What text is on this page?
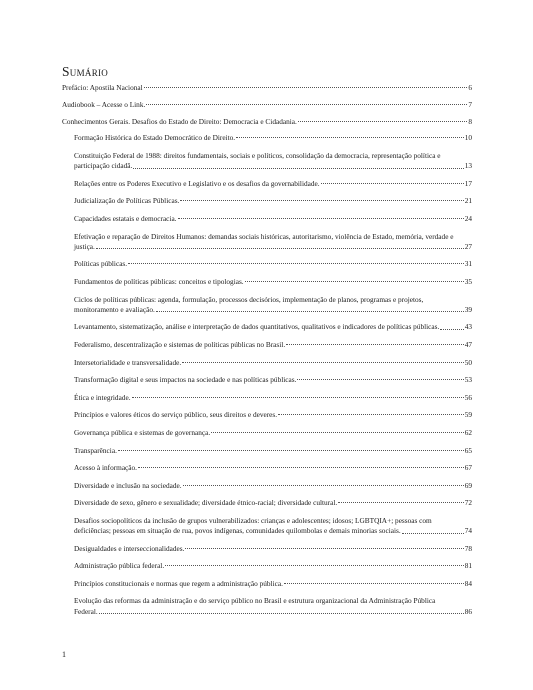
Sumário
Prefácio: Apostila Nacional	6
Audiobook – Acesse o Link.	7
Conhecimentos Gerais. Desafios do Estado de Direito: Democracia e Cidadania.	8
Formação Histórica do Estado Democrático de Direito.	10
Constituição Federal de 1988: direitos fundamentais, sociais e políticos, consolidação da democracia, representação política e participação cidadã.	13
Relações entre os Poderes Executivo e Legislativo e os desafios da governabilidade.	17
Judicialização de Políticas Públicas.	21
Capacidades estatais e democracia.	24
Efetivação e reparação de Direitos Humanos: demandas sociais históricas, autoritarismo, violência de Estado, memória, verdade e justiça.	27
Políticas públicas.	31
Fundamentos de políticas públicas: conceitos e tipologias.	35
Ciclos de políticas públicas: agenda, formulação, processos decisórios, implementação de planos, programas e projetos, monitoramento e avaliação.	39
Levantamento, sistematização, análise e interpretação de dados quantitativos, qualitativos e indicadores de políticas públicas.	43
Federalismo, descentralização e sistemas de políticas públicas no Brasil.	47
Intersetorialidade e transversalidade.	50
Transformação digital e seus impactos na sociedade e nas políticas públicas.	53
Ética e integridade.	56
Princípios e valores éticos do serviço público, seus direitos e deveres.	59
Governança pública e sistemas de governança.	62
Transparência.	65
Acesso à informação.	67
Diversidade e inclusão na sociedade.	69
Diversidade de sexo, gênero e sexualidade; diversidade étnico-racial; diversidade cultural.	72
Desafios sociopolíticos da inclusão de grupos vulnerabilizados: crianças e adolescentes; idosos; LGBTQIA+; pessoas com deficiências; pessoas em situação de rua, povos indígenas, comunidades quilombolas e demais minorias sociais.	74
Desigualdades e interseccionalidades.	78
Administração pública federal.	81
Princípios constitucionais e normas que regem a administração pública.	84
Evolução das reformas da administração e do serviço público no Brasil e estrutura organizacional da Administração Pública Federal.	86
1
